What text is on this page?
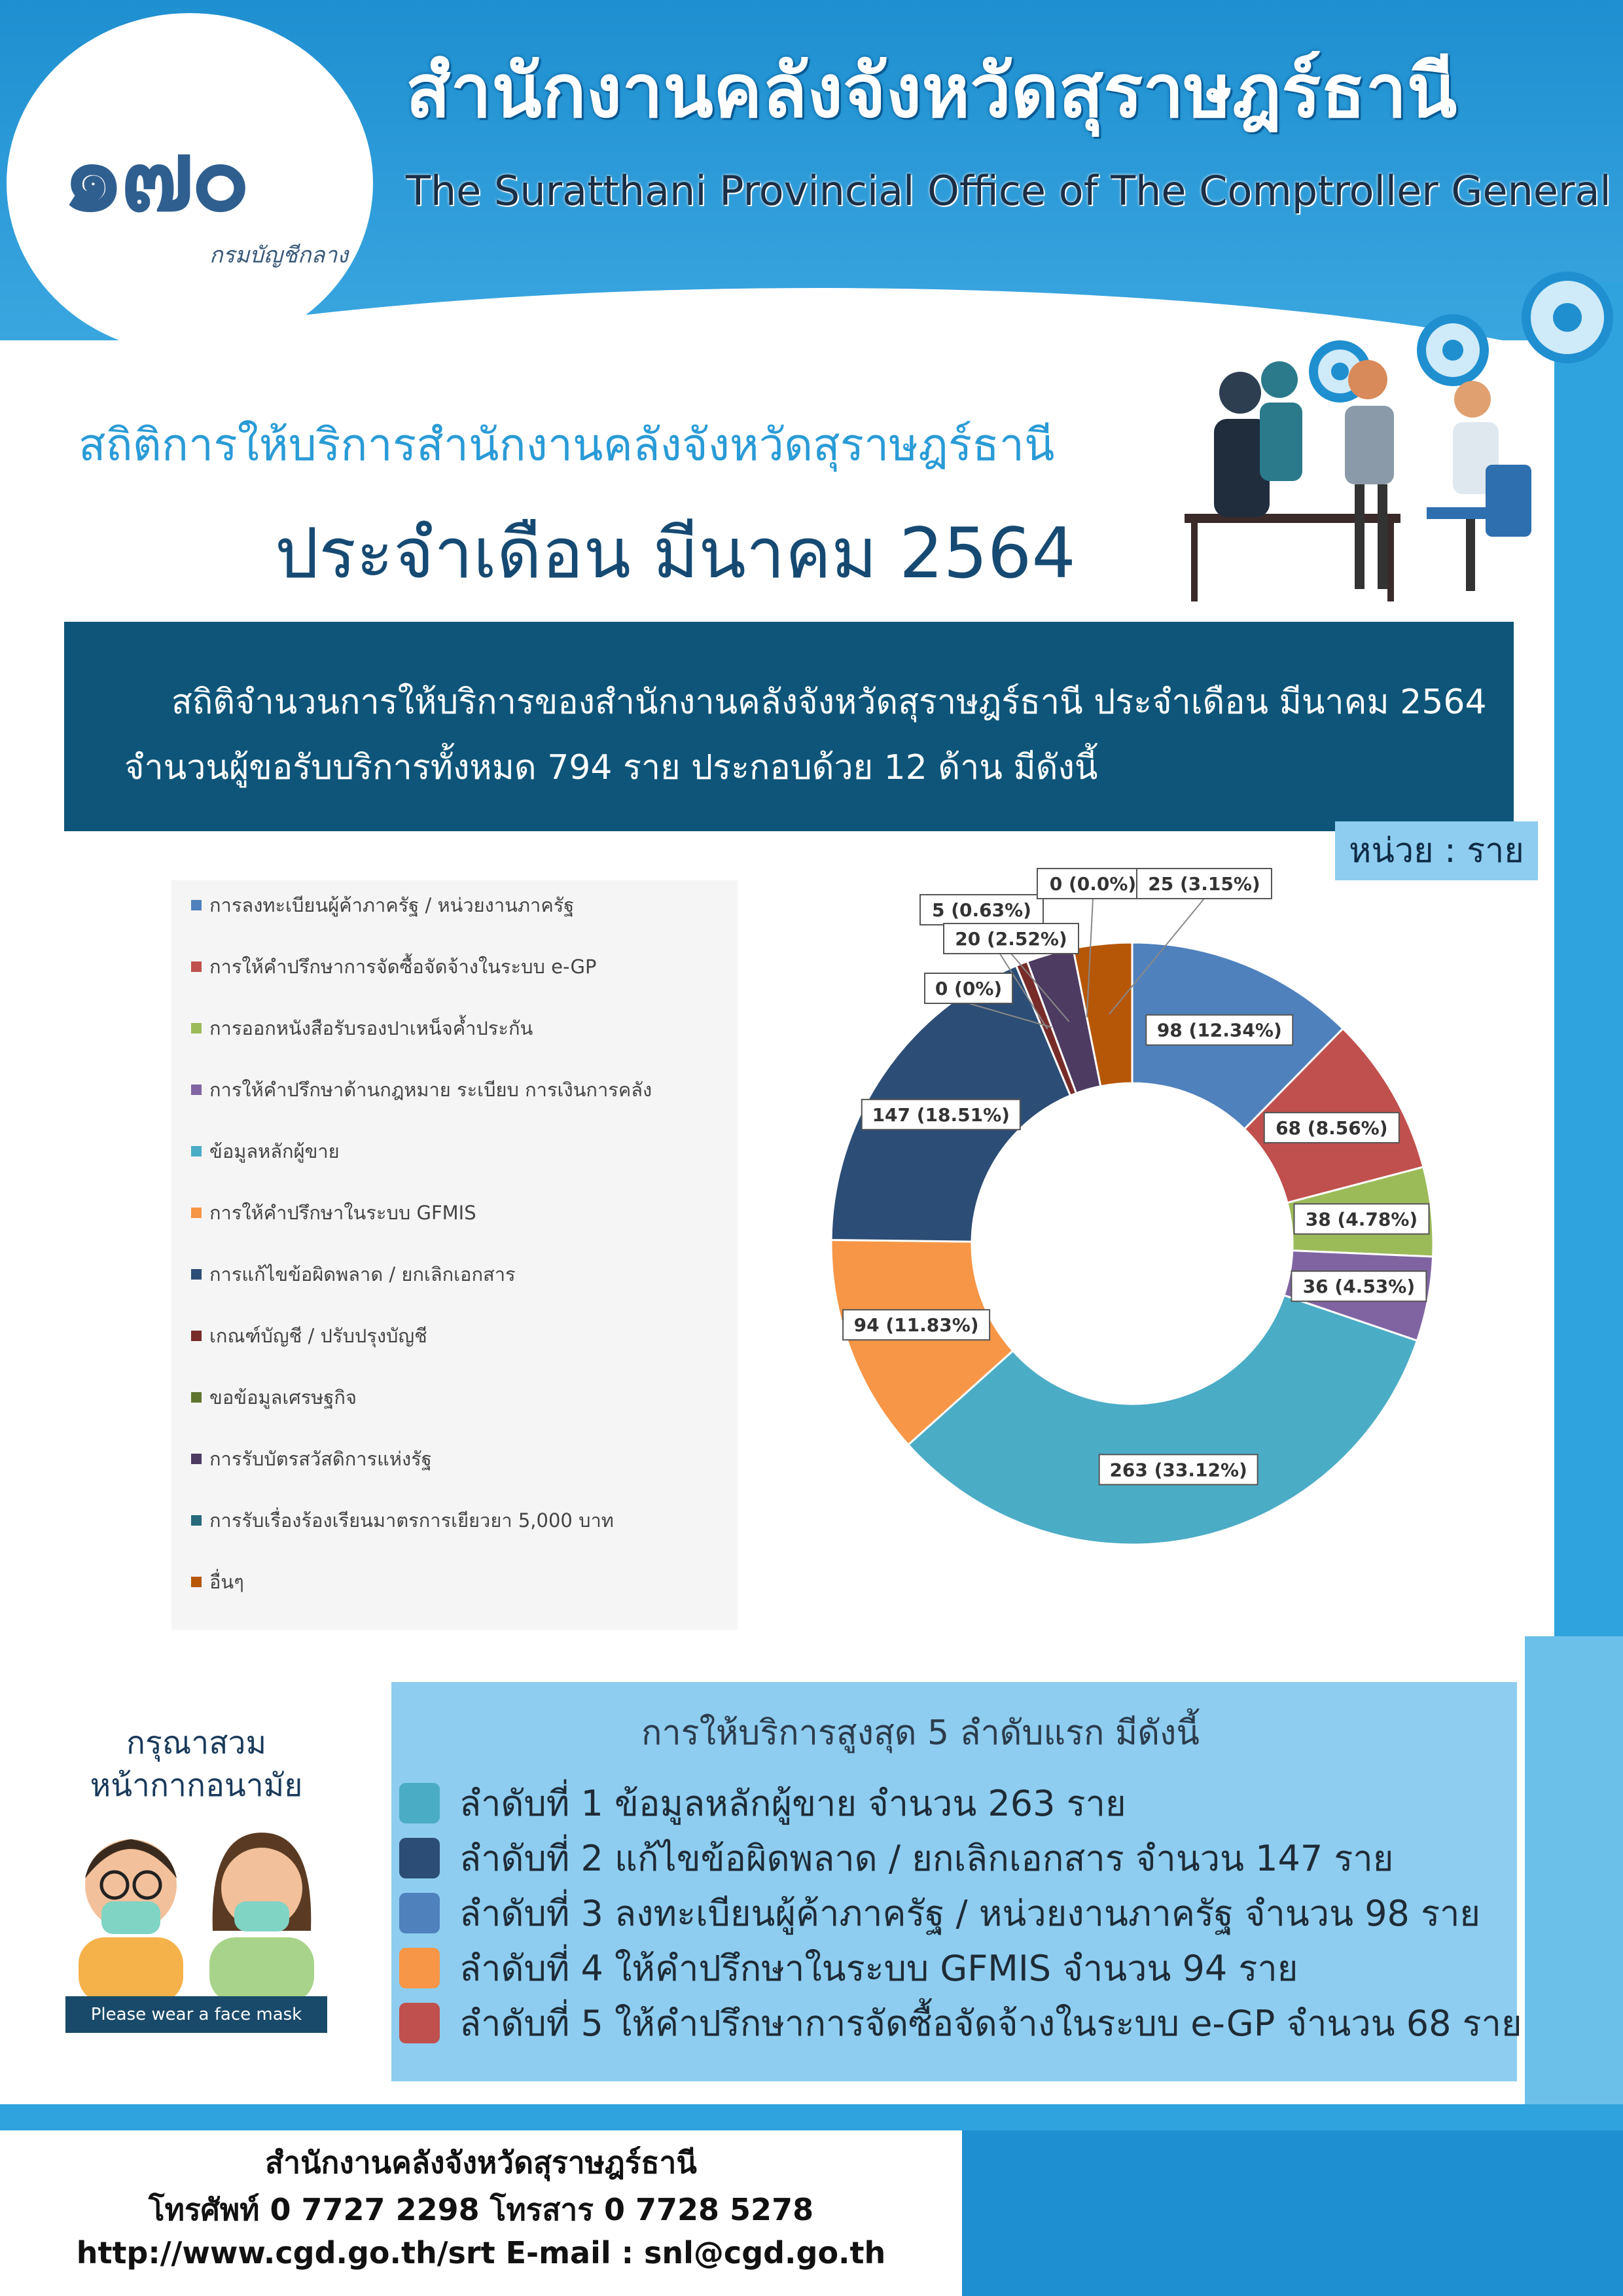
๑๗๐
กรมบัญชีกลาง
สำนักงานคลังจังหวัดสุราษฎร์ธานี
The Suratthani Provincial Office of The Comptroller General
สถิติการให้บริการสำนักงานคลังจังหวัดสุราษฎร์ธานี
ประจำเดือน มีนาคม 2564
สถิติจำนวนการให้บริการของสำนักงานคลังจังหวัดสุราษฎร์ธานี ประจำเดือน มีนาคม 2564
จำนวนผู้ขอรับบริการทั้งหมด 794 ราย ประกอบด้วย 12 ด้าน มีดังนี้
หน่วย : ราย
การลงทะเบียนผู้ค้าภาครัฐ / หน่วยงานภาครัฐ
การให้คำปรึกษาการจัดซื้อจัดจ้างในระบบ e-GP
การออกหนังสือรับรองปาเหน็จค้ำประกัน
การให้คำปรึกษาด้านกฎหมาย ระเบียบ การเงินการคลัง
ข้อมูลหลักผู้ขาย
การให้คำปรึกษาในระบบ GFMIS
การแก้ไขข้อผิดพลาด / ยกเลิกเอกสาร
เกณฑ์บัญชี / ปรับปรุงบัญชี
ขอข้อมูลเศรษฐกิจ
การรับบัตรสวัสดิการแห่งรัฐ
การรับเรื่องร้องเรียนมาตรการเยียวยา 5,000 บาท
อื่นๆ
98 (12.34%)
68 (8.56%)
38 (4.78%)
36 (4.53%)
263 (33.12%)
94 (11.83%)
147 (18.51%)
5 (0.63%)
0 (0%)
20 (2.52%)
0 (0.0%) 25 (3.15%)
การให้บริการสูงสุด 5 ลำดับแรก มีดังนี้
ลำดับที่ 1 ข้อมูลหลักผู้ขาย จำนวน 263 ราย
ลำดับที่ 2 แก้ไขข้อผิดพลาด / ยกเลิกเอกสาร จำนวน 147 ราย
ลำดับที่ 3 ลงทะเบียนผู้ค้าภาครัฐ / หน่วยงานภาครัฐ จำนวน 98 ราย
ลำดับที่ 4 ให้คำปรึกษาในระบบ GFMIS จำนวน 94 ราย
ลำดับที่ 5 ให้คำปรึกษาการจัดซื้อจัดจ้างในระบบ e-GP จำนวน 68 ราย
กรุณาสวม
หน้ากากอนามัย
Please wear a face mask
สำนักงานคลังจังหวัดสุราษฎร์ธานี
โทรศัพท์ 0 7727 2298 โทรสาร 0 7728 5278
http://www.cgd.go.th/srt E-mail : snl@cgd.go.th
